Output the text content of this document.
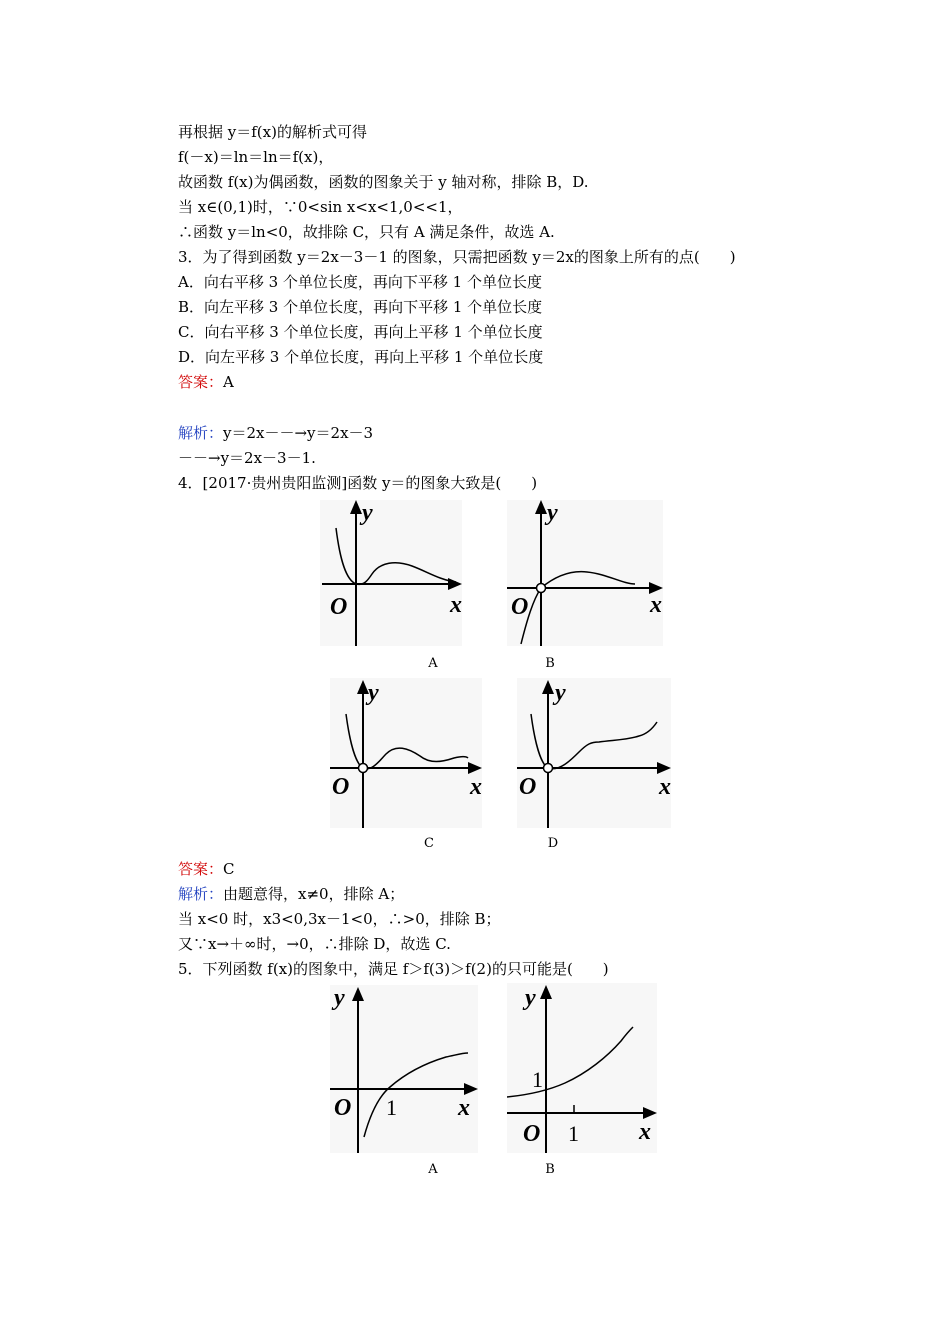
再根据 y＝f(x)的解析式可得
f(－x)＝ln＝ln＝f(x)，
故函数 f(x)为偶函数，函数的图象关于 y 轴对称，排除 B，D.
当 x∈(0,1)时，∵0<sin x<x<1,0<<1，
∴函数 y＝ln<0，故排除 C，只有 A 满足条件，故选 A.
3．为了得到函数 y＝2x－3－1 的图象，只需把函数 y＝2x的图象上所有的点(　　)
A．向右平移 3 个单位长度，再向下平移 1 个单位长度
B．向左平移 3 个单位长度，再向下平移 1 个单位长度
C．向右平移 3 个单位长度，再向上平移 1 个单位长度
D．向左平移 3 个单位长度，再向上平移 1 个单位长度
答案：A
解析：y＝2x－－→y＝2x－3
－－→y＝2x－3－1.
4．[2017·贵州贵阳监测]函数 y＝的图象大致是(　　)
y
x
O
A
y
x
O
B
y
x
O
C
y
x
O
D
答案：C
解析：由题意得，x≠0，排除 A；
当 x<0 时，x3<0,3x－1<0，∴>0，排除 B；
又∵x→＋∞时，→0，∴排除 D，故选 C.
5．下列函数 f(x)的图象中，满足 f＞f(3)＞f(2)的只可能是(　　)
y
x
O 1
A
y
x
O 1
1
B
